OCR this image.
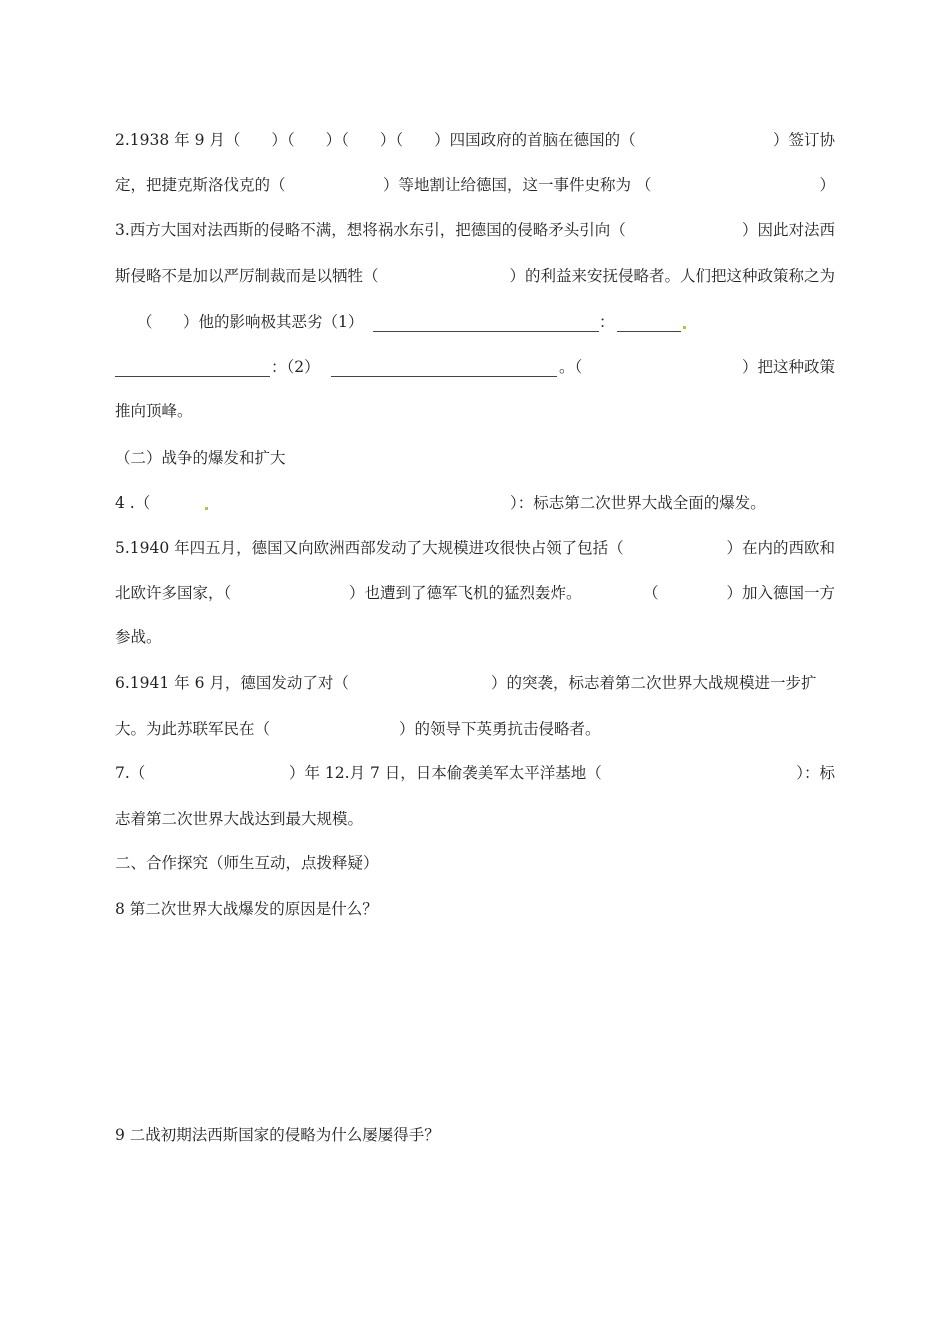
2.1938 年 9 月（　　）（　　）（　　）（　　）四国政府的首脑在德国的（	）签订协
定，把捷克斯洛伐克的（	）等地割让给德国，这一事件史称为 （	）
3.西方大国对法西斯的侵略不满，想将祸水东引，把德国的侵略矛头引向（	）因此对法西
斯侵略不是加以严厉制裁而是以牺牲（	）的利益来安抚侵略者。人们把这种政策称之为
（ ）他的影响极其恶劣（1）	：
：（2）	。（	）把这种政策
推向顶峰。
（二）战争的爆发和扩大
4 .（	）：标志第二次世界大战全面的爆发。
5.1940 年四五月，德国又向欧洲西部发动了大规模进攻很快占领了包括（	）在内的西欧和
北欧许多国家，（	）也遭到了德军飞机的猛烈轰炸。	（	）加入德国一方
参战。
6.1941 年 6 月，德国发动了对（	）的突袭，标志着第二次世界大战规模进一步扩
大。为此苏联军民在（	）的领导下英勇抗击侵略者。
7.（	）年 12.月 7 日，日本偷袭美军太平洋基地（	）：标
志着第二次世界大战达到最大规模。
二、合作探究（师生互动，点拨释疑）
8 第二次世界大战爆发的原因是什么？
9 二战初期法西斯国家的侵略为什么屡屡得手？
